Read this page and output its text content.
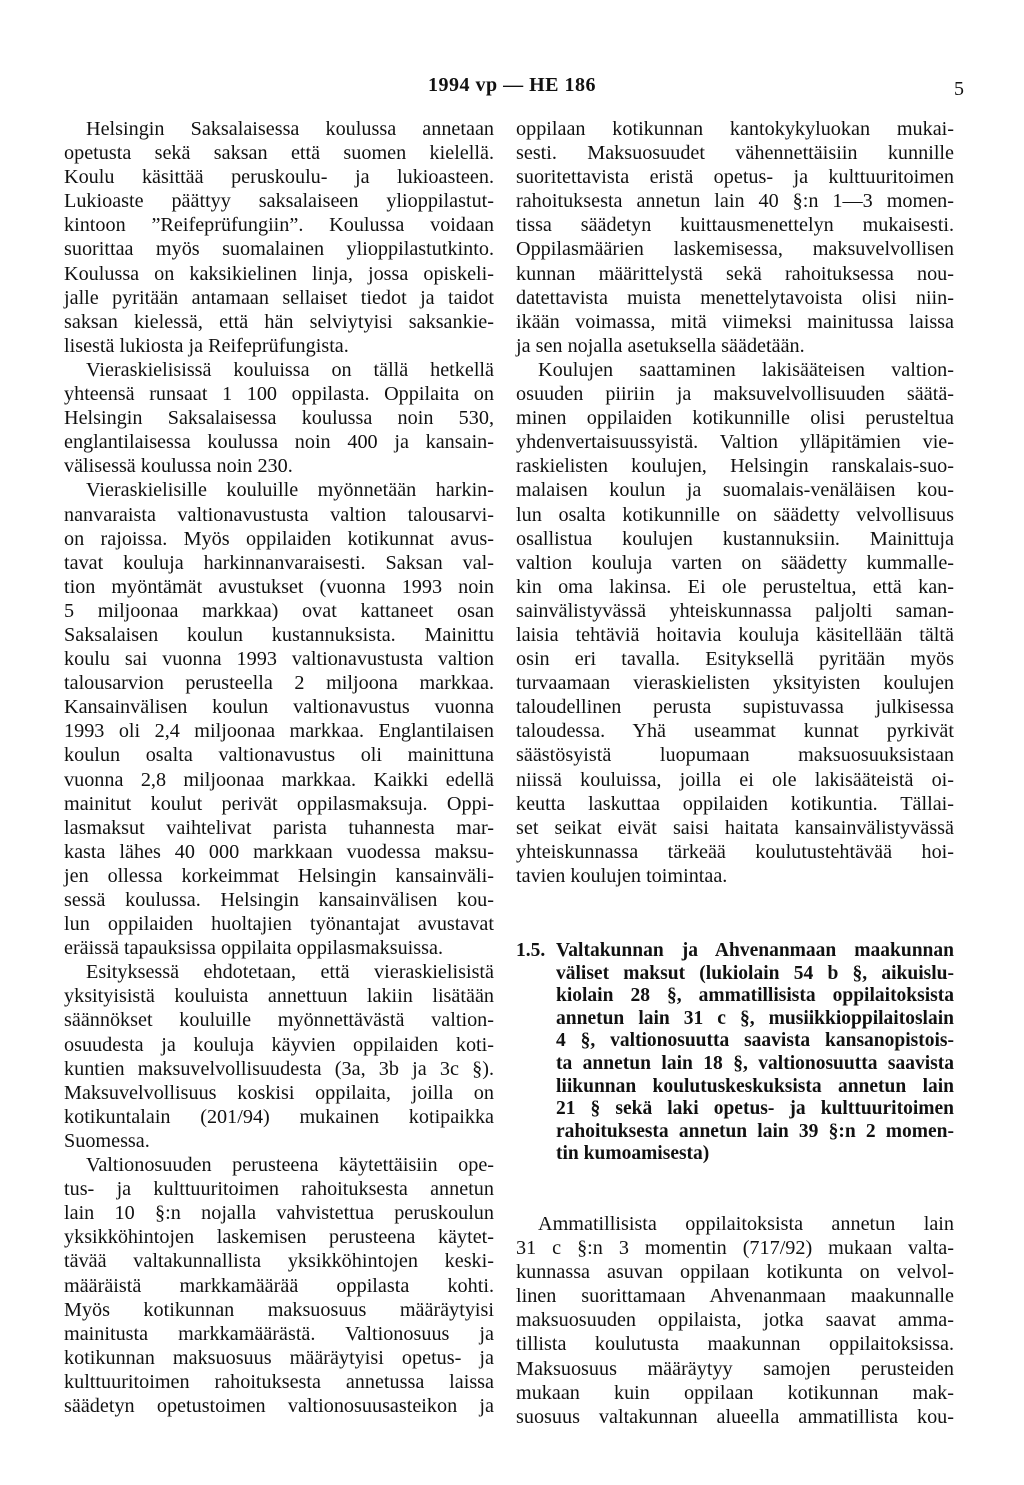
1994 vp — HE 186	5
Helsingin Saksalaisessa koulussa annetaan
opetusta sekä saksan että suomen kielellä.
Koulu käsittää peruskoulu- ja lukioasteen.
Lukioaste päättyy saksalaiseen ylioppilastut-
kintoon ”Reifeprüfungiin”. Koulussa voidaan
suorittaa myös suomalainen ylioppilastutkinto.
Koulussa on kaksikielinen linja, jossa opiskeli-
jalle pyritään antamaan sellaiset tiedot ja taidot
saksan kielessä, että hän selviytyisi saksankie-
lisestä lukiosta ja Reifeprüfungista.
Vieraskielisissä kouluissa on tällä hetkellä
yhteensä runsaat 1 100 oppilasta. Oppilaita on
Helsingin Saksalaisessa koulussa noin 530,
englantilaisessa koulussa noin 400 ja kansain-
välisessä koulussa noin 230.
Vieraskielisille kouluille myönnetään harkin-
nanvaraista valtionavustusta valtion talousarvi-
on rajoissa. Myös oppilaiden kotikunnat avus-
tavat kouluja harkinnanvaraisesti. Saksan val-
tion myöntämät avustukset (vuonna 1993 noin
5 miljoonaa markkaa) ovat kattaneet osan
Saksalaisen koulun kustannuksista. Mainittu
koulu sai vuonna 1993 valtionavustusta valtion
talousarvion perusteella 2 miljoona markkaa.
Kansainvälisen koulun valtionavustus vuonna
1993 oli 2,4 miljoonaa markkaa. Englantilaisen
koulun osalta valtionavustus oli mainittuna
vuonna 2,8 miljoonaa markkaa. Kaikki edellä
mainitut koulut perivät oppilasmaksuja. Oppi-
lasmaksut vaihtelivat parista tuhannesta mar-
kasta lähes 40 000 markkaan vuodessa maksu-
jen ollessa korkeimmat Helsingin kansainväli-
sessä koulussa. Helsingin kansainvälisen kou-
lun oppilaiden huoltajien työnantajat avustavat
eräissä tapauksissa oppilaita oppilasmaksuissa.
Esityksessä ehdotetaan, että vieraskielisistä
yksityisistä kouluista annettuun lakiin lisätään
säännökset kouluille myönnettävästä valtion-
osuudesta ja kouluja käyvien oppilaiden koti-
kuntien maksuvelvollisuudesta (3a, 3b ja 3c §).
Maksuvelvollisuus koskisi oppilaita, joilla on
kotikuntalain (201/94) mukainen kotipaikka
Suomessa.
Valtionosuuden perusteena käytettäisiin ope-
tus- ja kulttuuritoimen rahoituksesta annetun
lain 10 §:n nojalla vahvistettua peruskoulun
yksikköhintojen laskemisen perusteena käytet-
tävää valtakunnallista yksikköhintojen keski-
määräistä markkamäärää oppilasta kohti.
Myös kotikunnan maksuosuus määräytyisi
mainitusta markkamäärästä. Valtionosuus ja
kotikunnan maksuosuus määräytyisi opetus- ja
kulttuuritoimen rahoituksesta annetussa laissa
säädetyn opetustoimen valtionosuusasteikon ja
oppilaan kotikunnan kantokykyluokan mukai-
sesti. Maksuosuudet vähennettäisiin kunnille
suoritettavista eristä opetus- ja kulttuuritoimen
rahoituksesta annetun lain 40 §:n 1—3 momen-
tissa säädetyn kuittausmenettelyn mukaisesti.
Oppilasmäärien laskemisessa, maksuvelvollisen
kunnan määrittelystä sekä rahoituksessa nou-
datettavista muista menettelytavoista olisi niin-
ikään voimassa, mitä viimeksi mainitussa laissa
ja sen nojalla asetuksella säädetään.
Koulujen saattaminen lakisääteisen valtion-
osuuden piiriin ja maksuvelvollisuuden säätä-
minen oppilaiden kotikunnille olisi perusteltua
yhdenvertaisuussyistä. Valtion ylläpitämien vie-
raskielisten koulujen, Helsingin ranskalais-suo-
malaisen koulun ja suomalais-venäläisen kou-
lun osalta kotikunnille on säädetty velvollisuus
osallistua koulujen kustannuksiin. Mainittuja
valtion kouluja varten on säädetty kummalle-
kin oma lakinsa. Ei ole perusteltua, että kan-
sainvälistyvässä yhteiskunnassa paljolti saman-
laisia tehtäviä hoitavia kouluja käsitellään tältä
osin eri tavalla. Esityksellä pyritään myös
turvaamaan vieraskielisten yksityisten koulujen
taloudellinen perusta supistuvassa julkisessa
taloudessa. Yhä useammat kunnat pyrkivät
säästösyistä luopumaan maksuosuuksistaan
niissä kouluissa, joilla ei ole lakisääteistä oi-
keutta laskuttaa oppilaiden kotikuntia. Tällai-
set seikat eivät saisi haitata kansainvälistyvässä
yhteiskunnassa tärkeää koulutustehtävää hoi-
tavien koulujen toimintaa.
1.5. Valtakunnan ja Ahvenanmaan maakunnan
väliset maksut (lukiolain 54 b §, aikuislu-
kiolain 28 §, ammatillisista oppilaitoksista
annetun lain 31 c §, musiikkioppilaitoslain
4 §, valtionosuutta saavista kansanopistois-
ta annetun lain 18 §, valtionosuutta saavista
liikunnan koulutuskeskuksista annetun lain
21 § sekä laki opetus- ja kulttuuritoimen
rahoituksesta annetun lain 39 §:n 2 momen-
tin kumoamisesta)
Ammatillisista oppilaitoksista annetun lain
31 c §:n 3 momentin (717/92) mukaan valta-
kunnassa asuvan oppilaan kotikunta on velvol-
linen suorittamaan Ahvenanmaan maakunnalle
maksuosuuden oppilaista, jotka saavat amma-
tillista koulutusta maakunnan oppilaitoksissa.
Maksuosuus määräytyy samojen perusteiden
mukaan kuin oppilaan kotikunnan mak-
suosuus valtakunnan alueella ammatillista kou-
